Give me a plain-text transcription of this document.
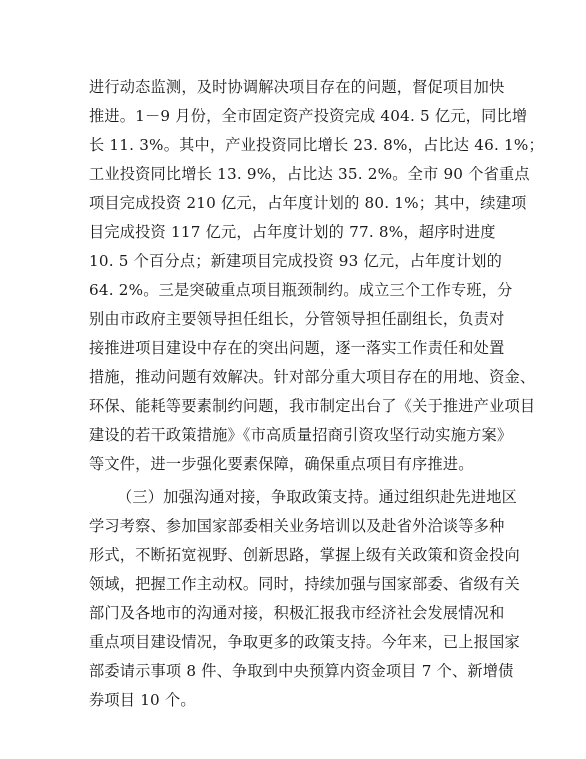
进行动态监测，及时协调解决项目存在的问题，督促项目加快
推进。1－9 月份，全市固定资产投资完成 404. 5 亿元，同比增
长 11. 3%。其中，产业投资同比增长 23. 8%，占比达 46. 1%；
工业投资同比增长 13. 9%，占比达 35. 2%。全市 90 个省重点
项目完成投资 210 亿元，占年度计划的 80. 1%；其中，续建项
目完成投资 117 亿元，占年度计划的 77. 8%，超序时进度
10. 5 个百分点；新建项目完成投资 93 亿元，占年度计划的
64. 2%。三是突破重点项目瓶颈制约。成立三个工作专班，分
别由市政府主要领导担任组长，分管领导担任副组长，负责对
接推进项目建设中存在的突出问题，逐一落实工作责任和处置
措施，推动问题有效解决。针对部分重大项目存在的用地、资金、
环保、能耗等要素制约问题，我市制定出台了《关于推进产业项目
建设的若干政策措施》《市高质量招商引资攻坚行动实施方案》
等文件，进一步强化要素保障，确保重点项目有序推进。
（三）加强沟通对接，争取政策支持。通过组织赴先进地区
学习考察、参加国家部委相关业务培训以及赴省外洽谈等多种
形式，不断拓宽视野、创新思路，掌握上级有关政策和资金投向
领域，把握工作主动权。同时，持续加强与国家部委、省级有关
部门及各地市的沟通对接，积极汇报我市经济社会发展情况和
重点项目建设情况，争取更多的政策支持。今年来，已上报国家
部委请示事项 8 件、争取到中央预算内资金项目 7 个、新增债
券项目 10 个。
